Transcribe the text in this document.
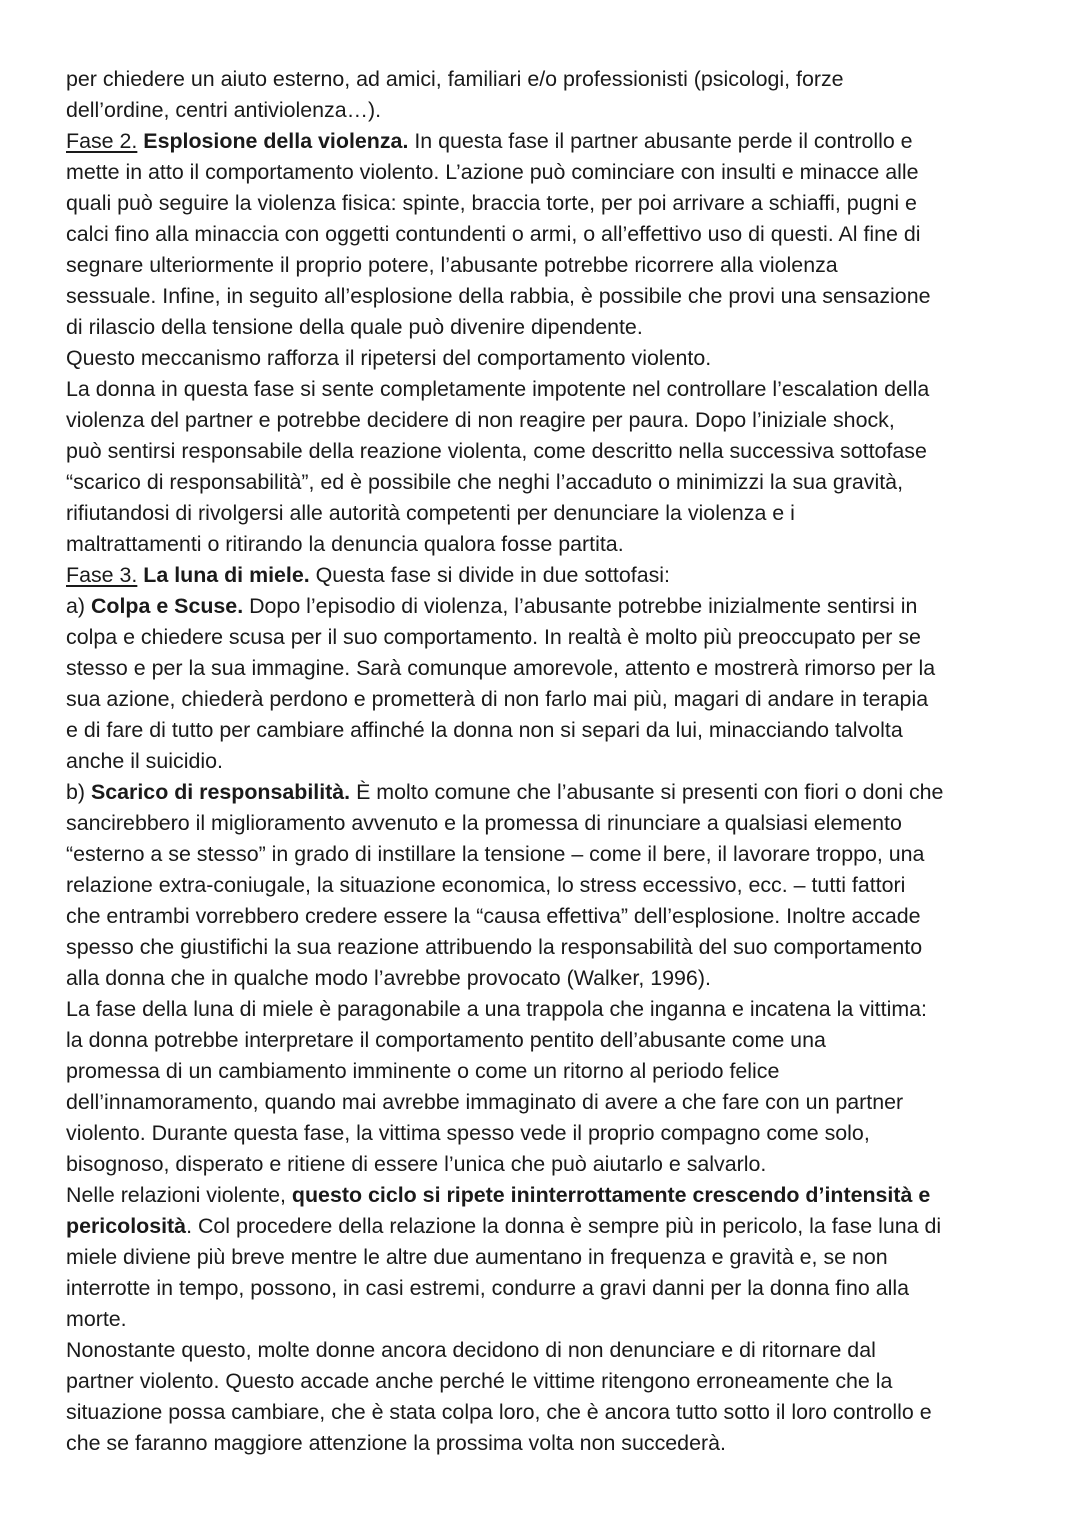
per chiedere un aiuto esterno, ad amici, familiari e/o professionisti (psicologi, forze
dell’ordine, centri antiviolenza…).
Fase 2. Esplosione della violenza. In questa fase il partner abusante perde il controllo e
mette in atto il comportamento violento. L’azione può cominciare con insulti e minacce alle
quali può seguire la violenza fisica: spinte, braccia torte, per poi arrivare a schiaffi, pugni e
calci fino alla minaccia con oggetti contundenti o armi, o all’effettivo uso di questi. Al fine di
segnare ulteriormente il proprio potere, l’abusante potrebbe ricorrere alla violenza
sessuale. Infine, in seguito all’esplosione della rabbia, è possibile che provi una sensazione
di rilascio della tensione della quale può divenire dipendente.
Questo meccanismo rafforza il ripetersi del comportamento violento.
La donna in questa fase si sente completamente impotente nel controllare l’escalation della
violenza del partner e potrebbe decidere di non reagire per paura. Dopo l’iniziale shock,
può sentirsi responsabile della reazione violenta, come descritto nella successiva sottofase
“scarico di responsabilità”, ed è possibile che neghi l’accaduto o minimizzi la sua gravità,
rifiutandosi di rivolgersi alle autorità competenti per denunciare la violenza e i
maltrattamenti o ritirando la denuncia qualora fosse partita.
Fase 3. La luna di miele. Questa fase si divide in due sottofasi:
a) Colpa e Scuse. Dopo l’episodio di violenza, l’abusante potrebbe inizialmente sentirsi in
colpa e chiedere scusa per il suo comportamento. In realtà è molto più preoccupato per se
stesso e per la sua immagine. Sarà comunque amorevole, attento e mostrerà rimorso per la
sua azione, chiederà perdono e prometterà di non farlo mai più, magari di andare in terapia
e di fare di tutto per cambiare affinché la donna non si separi da lui, minacciando talvolta
anche il suicidio.
b) Scarico di responsabilità. È molto comune che l’abusante si presenti con fiori o doni che
sancirebbero il miglioramento avvenuto e la promessa di rinunciare a qualsiasi elemento
“esterno a se stesso” in grado di instillare la tensione – come il bere, il lavorare troppo, una
relazione extra-coniugale, la situazione economica, lo stress eccessivo, ecc. – tutti fattori
che entrambi vorrebbero credere essere la “causa effettiva” dell’esplosione. Inoltre accade
spesso che giustifichi la sua reazione attribuendo la responsabilità del suo comportamento
alla donna che in qualche modo l’avrebbe provocato (Walker, 1996).
La fase della luna di miele è paragonabile a una trappola che inganna e incatena la vittima:
la donna potrebbe interpretare il comportamento pentito dell’abusante come una
promessa di un cambiamento imminente o come un ritorno al periodo felice
dell’innamoramento, quando mai avrebbe immaginato di avere a che fare con un partner
violento. Durante questa fase, la vittima spesso vede il proprio compagno come solo,
bisognoso, disperato e ritiene di essere l’unica che può aiutarlo e salvarlo.
Nelle relazioni violente, questo ciclo si ripete ininterrottamente crescendo d’intensità e
pericolosità. Col procedere della relazione la donna è sempre più in pericolo, la fase luna di
miele diviene più breve mentre le altre due aumentano in frequenza e gravità e, se non
interrotte in tempo, possono, in casi estremi, condurre a gravi danni per la donna fino alla
morte.
Nonostante questo, molte donne ancora decidono di non denunciare e di ritornare dal
partner violento. Questo accade anche perché le vittime ritengono erroneamente che la
situazione possa cambiare, che è stata colpa loro, che è ancora tutto sotto il loro controllo e
che se faranno maggiore attenzione la prossima volta non succederà.
